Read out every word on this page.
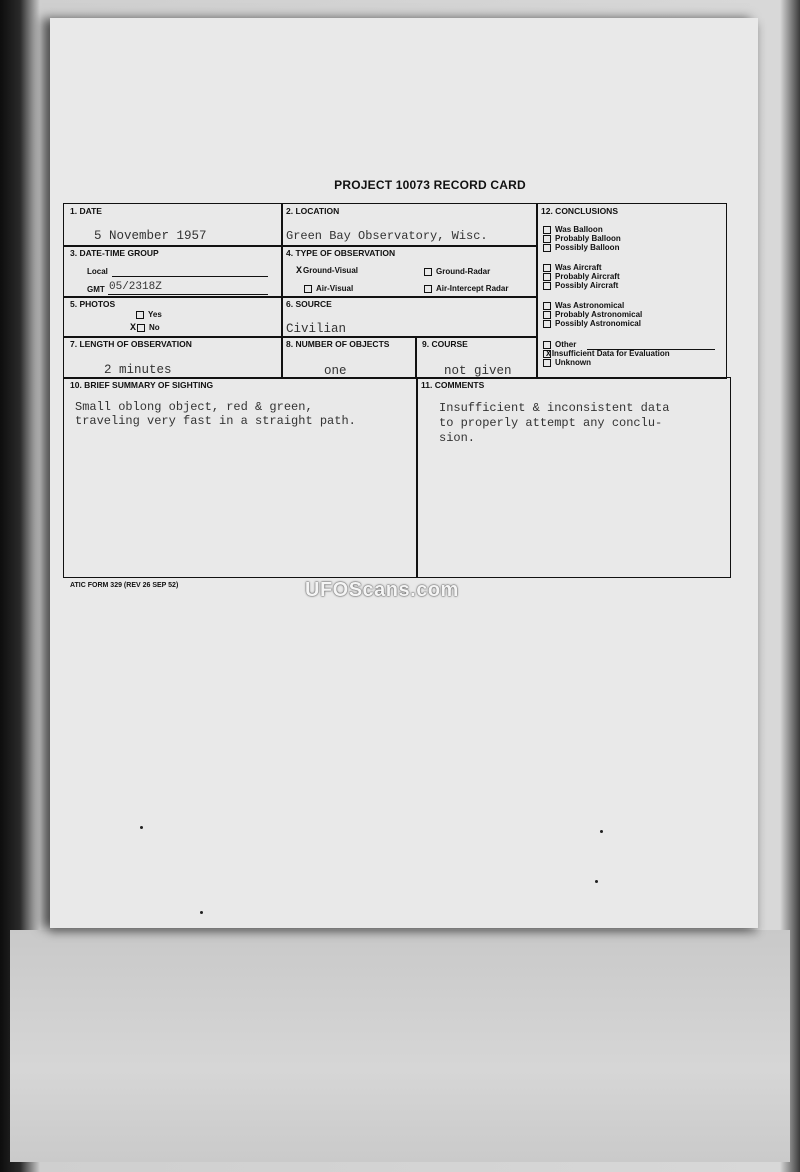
PROJECT 10073 RECORD CARD
1. DATE
5 November 1957
2. LOCATION
Green Bay Observatory, Wisc.
3. DATE-TIME GROUP
Local
GMT 05/2318Z
4. TYPE OF OBSERVATION
XGround-Visual	Ground-Radar
Air-Visual	Air-Intercept Radar
5. PHOTOS
Yes
X No
6. SOURCE
Civilian
7. LENGTH OF OBSERVATION
2 minutes
8. NUMBER OF OBJECTS
one
9. COURSE
not given
12. CONCLUSIONS
Was Balloon
Probably Balloon
Possibly Balloon
Was Aircraft
Probably Aircraft
Possibly Aircraft
Was Astronomical
Probably Astronomical
Possibly Astronomical
Other
XInsufficient Data for Evaluation
Unknown
10. BRIEF SUMMARY OF SIGHTING
Small oblong object, red & green,
traveling very fast in a straight path.
11. COMMENTS
Insufficient & inconsistent data
to properly attempt any conclu-
sion.
ATIC FORM 329 (REV 26 SEP 52)	UFOScans.com
